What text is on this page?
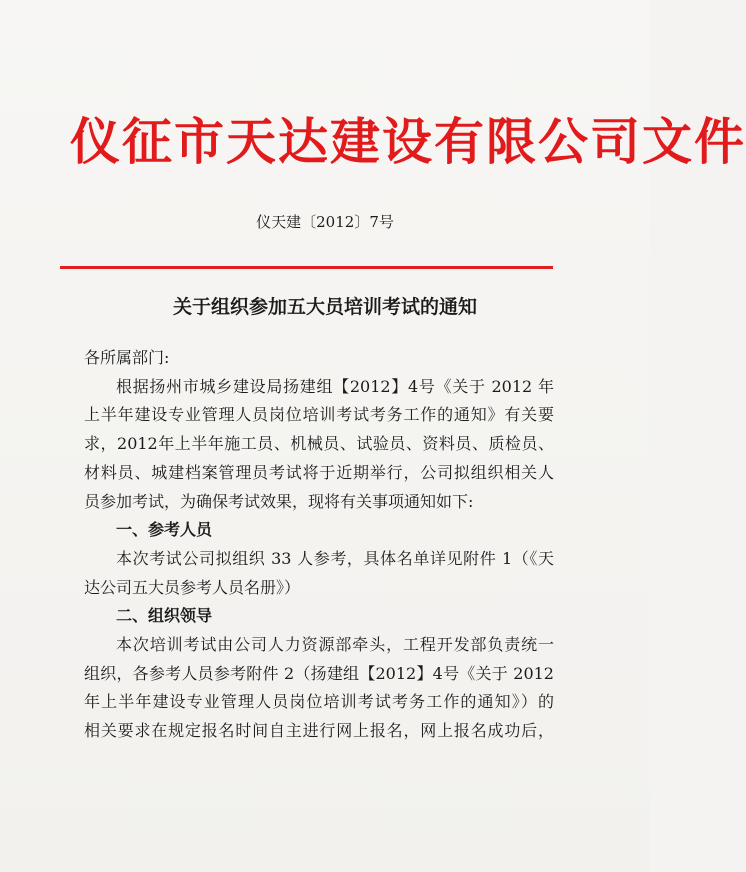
仪征市天达建设有限公司文件
仪天建〔2012〕7号
关于组织参加五大员培训考试的通知
各所属部门:
根据扬州市城乡建设局扬建组【2012】4号《关于 2012 年
上半年建设专业管理人员岗位培训考试考务工作的通知》有关要
求，2012年上半年施工员、机械员、试验员、资料员、质检员、
材料员、城建档案管理员考试将于近期举行，公司拟组织相关人
员参加考试，为确保考试效果，现将有关事项通知如下:
一、参考人员
本次考试公司拟组织 33 人参考，具体名单详见附件 1（《天
达公司五大员参考人员名册》）
二、组织领导
本次培训考试由公司人力资源部牵头，工程开发部负责统一
组织，各参考人员参考附件 2（扬建组【2012】4号《关于 2012
年上半年建设专业管理人员岗位培训考试考务工作的通知》）的
相关要求在规定报名时间自主进行网上报名，网上报名成功后，
